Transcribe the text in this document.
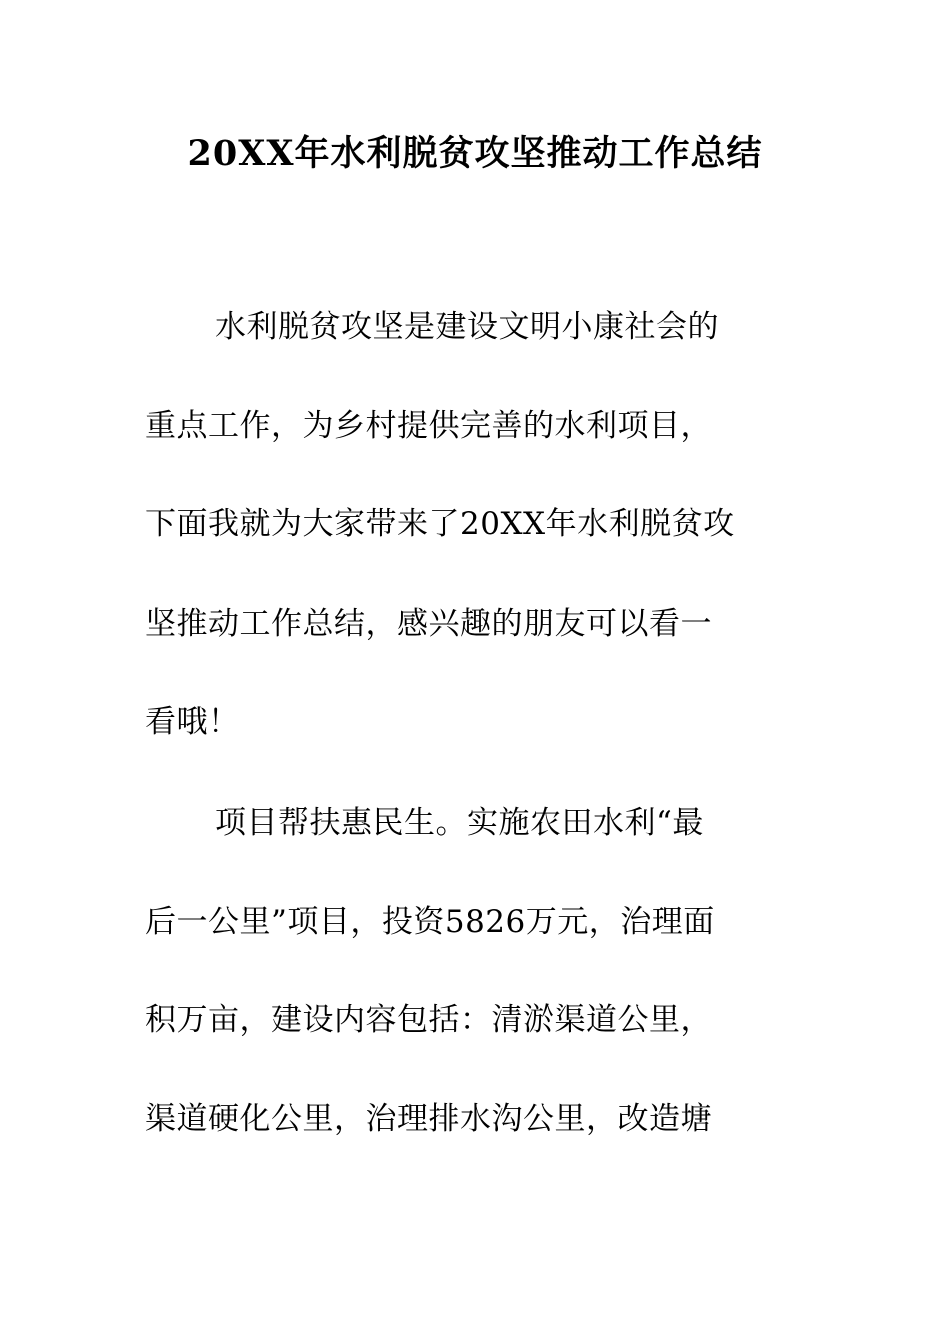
20XX年水利脱贫攻坚推动工作总结
水利脱贫攻坚是建设文明小康社会的
重点工作，为乡村提供完善的水利项目，
下面我就为大家带来了20XX年水利脱贫攻
坚推动工作总结，感兴趣的朋友可以看一
看哦！
项目帮扶惠民生。实施农田水利“最
后一公里”项目，投资5826万元，治理面
积万亩，建设内容包括：清淤渠道公里，
渠道硬化公里，治理排水沟公里，改造塘
